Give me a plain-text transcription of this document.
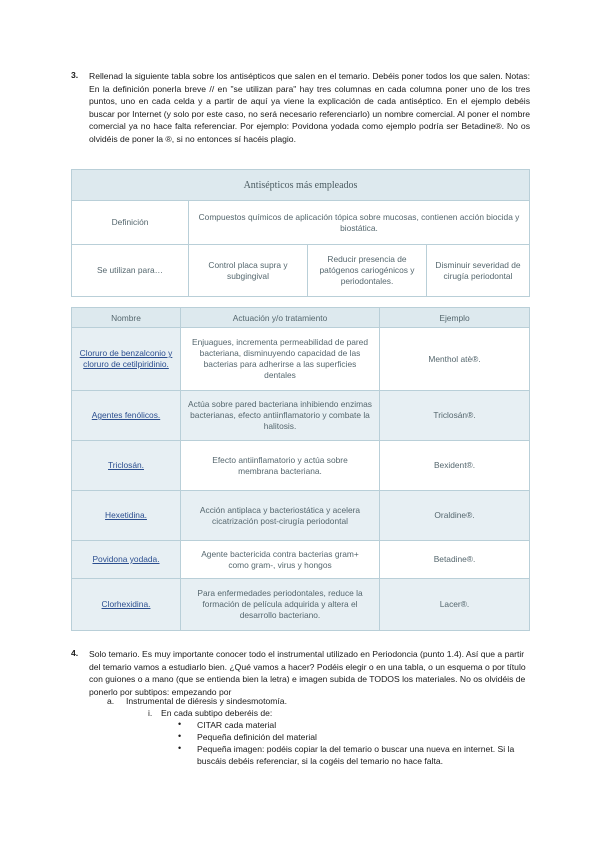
3. Rellenad la siguiente tabla sobre los antisépticos que salen en el temario. Debéis poner todos los que salen. Notas: En la definición ponerla breve // en "se utilizan para" hay tres columnas en cada columna poner uno de los tres puntos, uno en cada celda y a partir de aquí ya viene la explicación de cada antiséptico. En el ejemplo debéis buscar por Internet (y solo por este caso, no será necesario referenciarlo) un nombre comercial. Al poner el nombre comercial ya no hace falta referenciar. Por ejemplo: Povidona yodada como ejemplo podría ser Betadine®. No os olvidéis de poner la ®, si no entonces sí hacéis plagio.
Antisépticos más empleados			
Definición	Compuestos químicos de aplicación tópica sobre mucosas, contienen acción biocida y biostática.		
Se utilizan para…	Control placa supra y subgingival	Reducir presencia de patógenos cariogénicos y periodontales.	Disminuir severidad de cirugía periodontal
Nombre	Actuación y/o tratamiento	Ejemplo
Cloruro de benzalconio y cloruro de cetilpiridinio.	Enjuagues, incrementa permeabilidad de pared bacteriana, disminuyendo capacidad de las bacterias para adherirse a las superficies dentales	Menthol atè®.
Agentes fenólicos.	Actúa sobre pared bacteriana inhibiendo enzimas bacterianas, efecto antiinflamatorio y combate la halitosis.	Triclosán®.
Triclosán.	Efecto antiinflamatorio y actúa sobre membrana bacteriana.	Bexident®.
Hexetidina.	Acción antiplaca y bacteriostática y acelera cicatrización post-cirugía periodontal	Oraldine®.
Povidona yodada.	Agente bactericida contra bacterias gram+ como gram-, virus y hongos	Betadine®.
Clorhexidina.	Para enfermedades periodontales, reduce la formación de película adquirida y altera el desarrollo bacteriano.	Lacer®.
4. Solo temario. Es muy importante conocer todo el instrumental utilizado en Periodoncia (punto 1.4). Así que a partir del temario vamos a estudiarlo bien. ¿Qué vamos a hacer? Podéis elegir o en una tabla, o un esquema o por título con guiones o a mano (que se entienda bien la letra) e imagen subida de TODOS los materiales. No os olvidéis de ponerlo por subtipos: empezando por
a. Instrumental de diéresis y sindesmotomía.
i. En cada subtipo deberéis de:
• CITAR cada material
• Pequeña definición del material
• Pequeña imagen: podéis copiar la del temario o buscar una nueva en internet. Si la buscáis debéis referenciar, si la cogéis del temario no hace falta.
